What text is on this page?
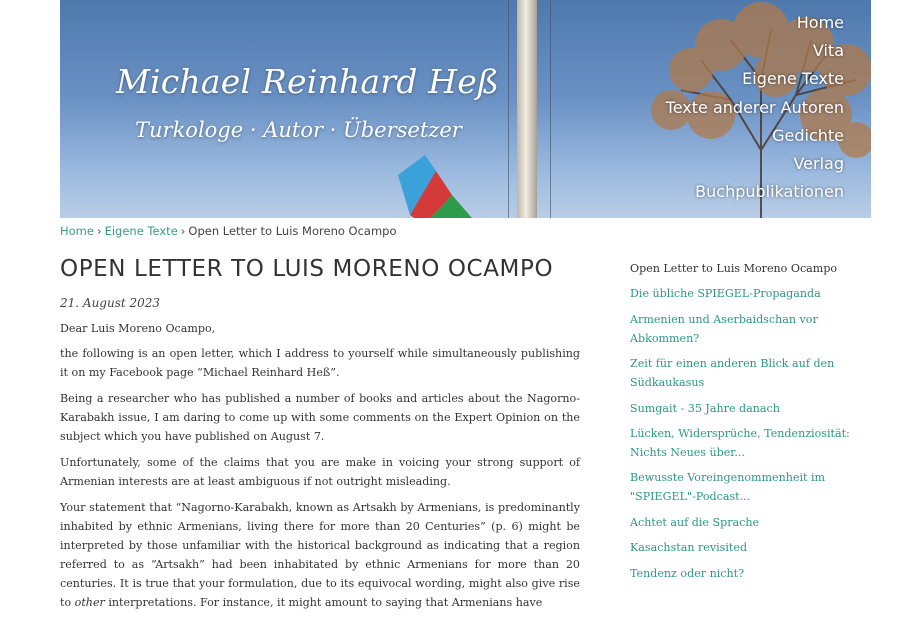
Michael Reinhard Heß
Turkologe · Autor · Übersetzer
Home
Vita
Eigene Texte
Texte anderer Autoren
Gedichte
Verlag
Buchpublikationen
Home › Eigene Texte › Open Letter to Luis Moreno Ocampo
OPEN LETTER TO LUIS MORENO OCAMPO
21. August 2023

Dear Luis Moreno Ocampo,

the following is an open letter, which I address to yourself while simultaneously publishing it on my Facebook page “Michael Reinhard Heß”.

Being a researcher who has published a number of books and articles about the Nagorno-Karabakh issue, I am daring to come up with some comments on the Expert Opinion on the subject which you have published on August 7.

Unfortunately, some of the claims that you are make in voicing your strong support of Armenian interests are at least ambiguous if not outright misleading.

Your statement that “Nagorno-Karabakh, known as Artsakh by Armenians, is predominantly inhabited by ethnic Armenians, living there for more than 20 Centuries” (p. 6) might be interpreted by those unfamiliar with the historical background as indicating that a region referred to as “Artsakh” had been inhabitated by ethnic Armenians for more than 20 centuries. It is true that your formulation, due to its equivocal wording, might also give rise to other interpretations. For instance, it might amount to saying that Armenians have

Open Letter to Luis Moreno Ocampo
Die übliche SPIEGEL-Propaganda
Armenien und Aserbaidschan vor Abkommen?
Zeit für einen anderen Blick auf den Südkaukasus
Sumgait - 35 Jahre danach
Lücken, Widersprüche, Tendenziosität: Nichts Neues über...
Bewusste Voreingenommenheit im "SPIEGEL"-Podcast...
Achtet auf die Sprache
Kasachstan revisited
Tendenz oder nicht?
